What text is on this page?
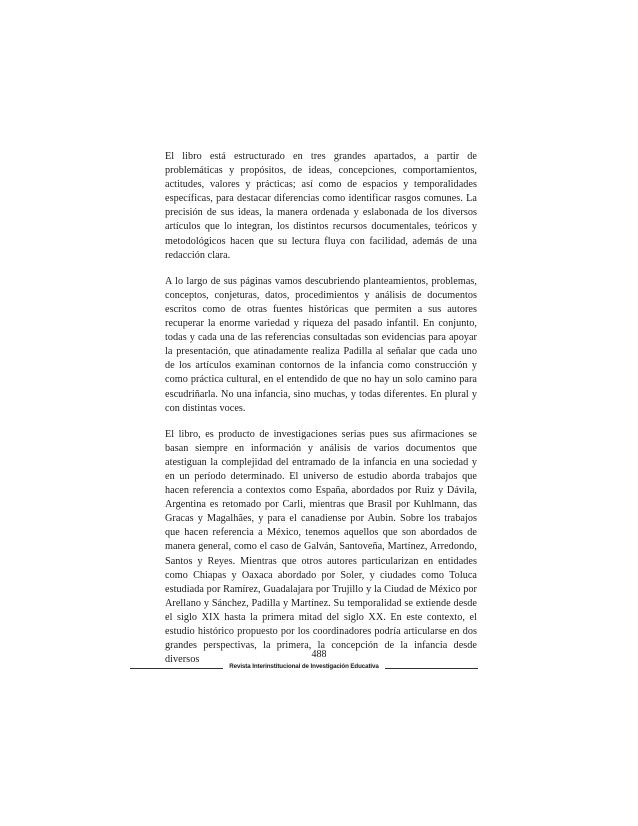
El libro está estructurado en tres grandes apartados, a partir de problemáticas y propósitos, de ideas, concepciones, comportamientos, actitudes, valores y prácticas; así como de espacios y temporalidades específicas, para destacar diferencias como identificar rasgos comunes. La precisión de sus ideas, la manera ordenada y eslabonada de los diversos artículos que lo integran, los distintos recursos documentales, teóricos y metodológicos hacen que su lectura fluya con facilidad, además de una redacción clara.

A lo largo de sus páginas vamos descubriendo planteamientos, problemas, conceptos, conjeturas, datos, procedimientos y análisis de documentos escritos como de otras fuentes históricas que permiten a sus autores recuperar la enorme variedad y riqueza del pasado infantil. En conjunto, todas y cada una de las referencias consultadas son evidencias para apoyar la presentación, que atinadamente realiza Padilla al señalar que cada uno de los artículos examinan contornos de la infancia como construcción y como práctica cultural, en el entendido de que no hay un solo camino para escudriñarla. No una infancia, sino muchas, y todas diferentes. En plural y con distintas voces.

El libro, es producto de investigaciones serias pues sus afirmaciones se basan siempre en información y análisis de varios documentos que atestiguan la complejidad del entramado de la infancia en una sociedad y en un período determinado. El universo de estudio aborda trabajos que hacen referencia a contextos como España, abordados por Ruiz y Dávila, Argentina es retomado por Carli, mientras que Brasil por Kuhlmann, das Gracas y Magalhães, y para el canadiense por Aubin. Sobre los trabajos que hacen referencia a México, tenemos aquellos que son abordados de manera general, como el caso de Galván, Santoveña, Martínez, Arredondo, Santos y Reyes. Mientras que otros autores particularizan en entidades como Chiapas y Oaxaca abordado por Soler, y ciudades como Toluca estudiada por Ramírez, Guadalajara por Trujillo y la Ciudad de México por Arellano y Sánchez, Padilla y Martínez. Su temporalidad se extiende desde el siglo XIX hasta la primera mitad del siglo XX. En este contexto, el estudio histórico propuesto por los coordinadores podría articularse en dos grandes perspectivas, la primera, la concepción de la infancia desde diversos	488
Revista Interinstitucional de Investigación Educativa
